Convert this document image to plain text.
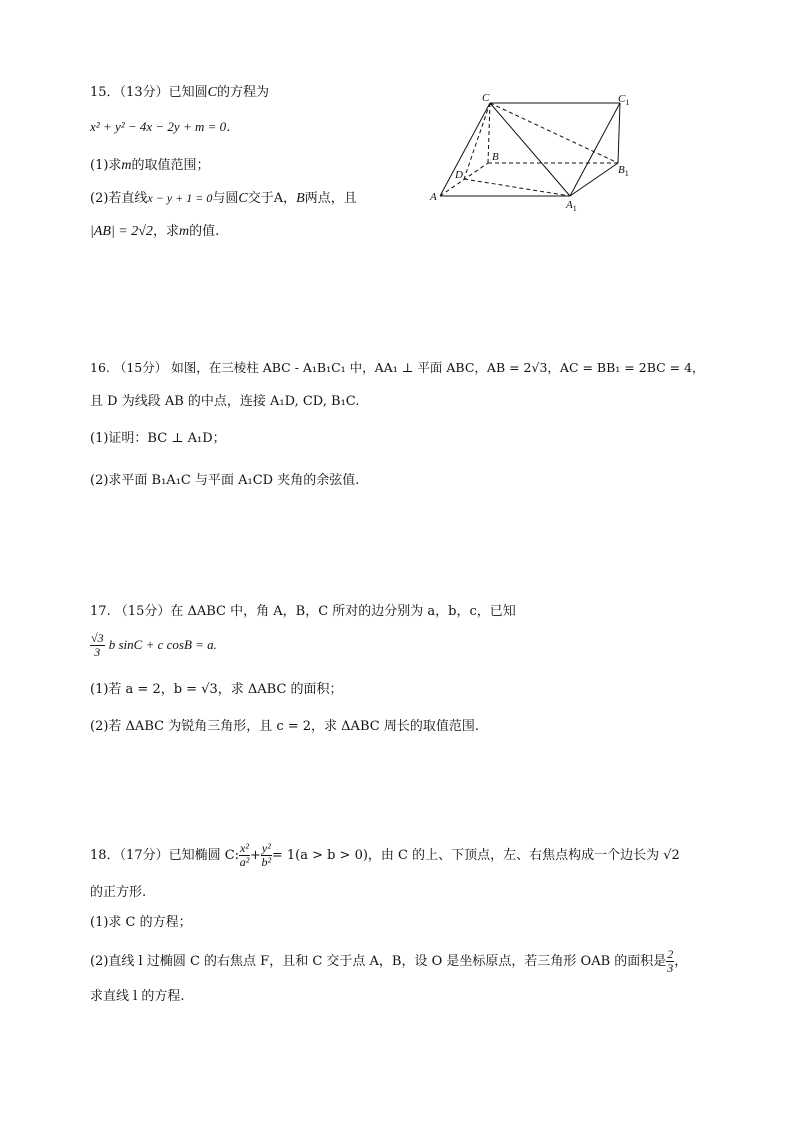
15．（13分）已知圆C的方程为
x² + y² − 4x − 2y + m = 0．
(1)求m的取值范围；
(2)若直线x − y + 1 = 0与圆C交于A，B两点，且
|AB| = 2√2，求m的值.
C	$C_1$
B
$B_1$
D
A
$A_1$
16. （15分） 如图，在三棱柱 ABC - A₁B₁C₁ 中，AA₁ ⊥ 平面 ABC，AB = 2√3，AC = BB₁ = 2BC = 4，
且 D 为线段 AB 的中点，连接 A₁D, CD, B₁C.
(1)证明：BC ⊥ A₁D；
(2)求平面 B₁A₁C 与平面 A₁CD 夹角的余弦值.
17. （15分）在 ΔABC 中，角 A，B，C 所对的边分别为 a，b，c，已知
$\frac{√3}{3}$ b sinC + c cosB = a.
(1)若 a = 2，b = √3，求 ΔABC 的面积；
(2)若 ΔABC 为锐角三角形，且 c = 2，求 ΔABC 周长的取值范围.
18．（17分）已知椭圆 C: $\frac{\text{x²}}{\text{a²}} + \frac{\text{y²}}{\text{b²}} = 1(a > b > 0)$，由 C 的上、下顶点，左、右焦点构成一个边长为 √2
的正方形.
(1)求 C 的方程；
(2)直线 l 过椭圆 C 的右焦点 F，且和 C 交于点 A，B，设 O 是坐标原点，若三角形 OAB 的面积是 $\frac{2}{3}$ ，
求直线 l 的方程.
